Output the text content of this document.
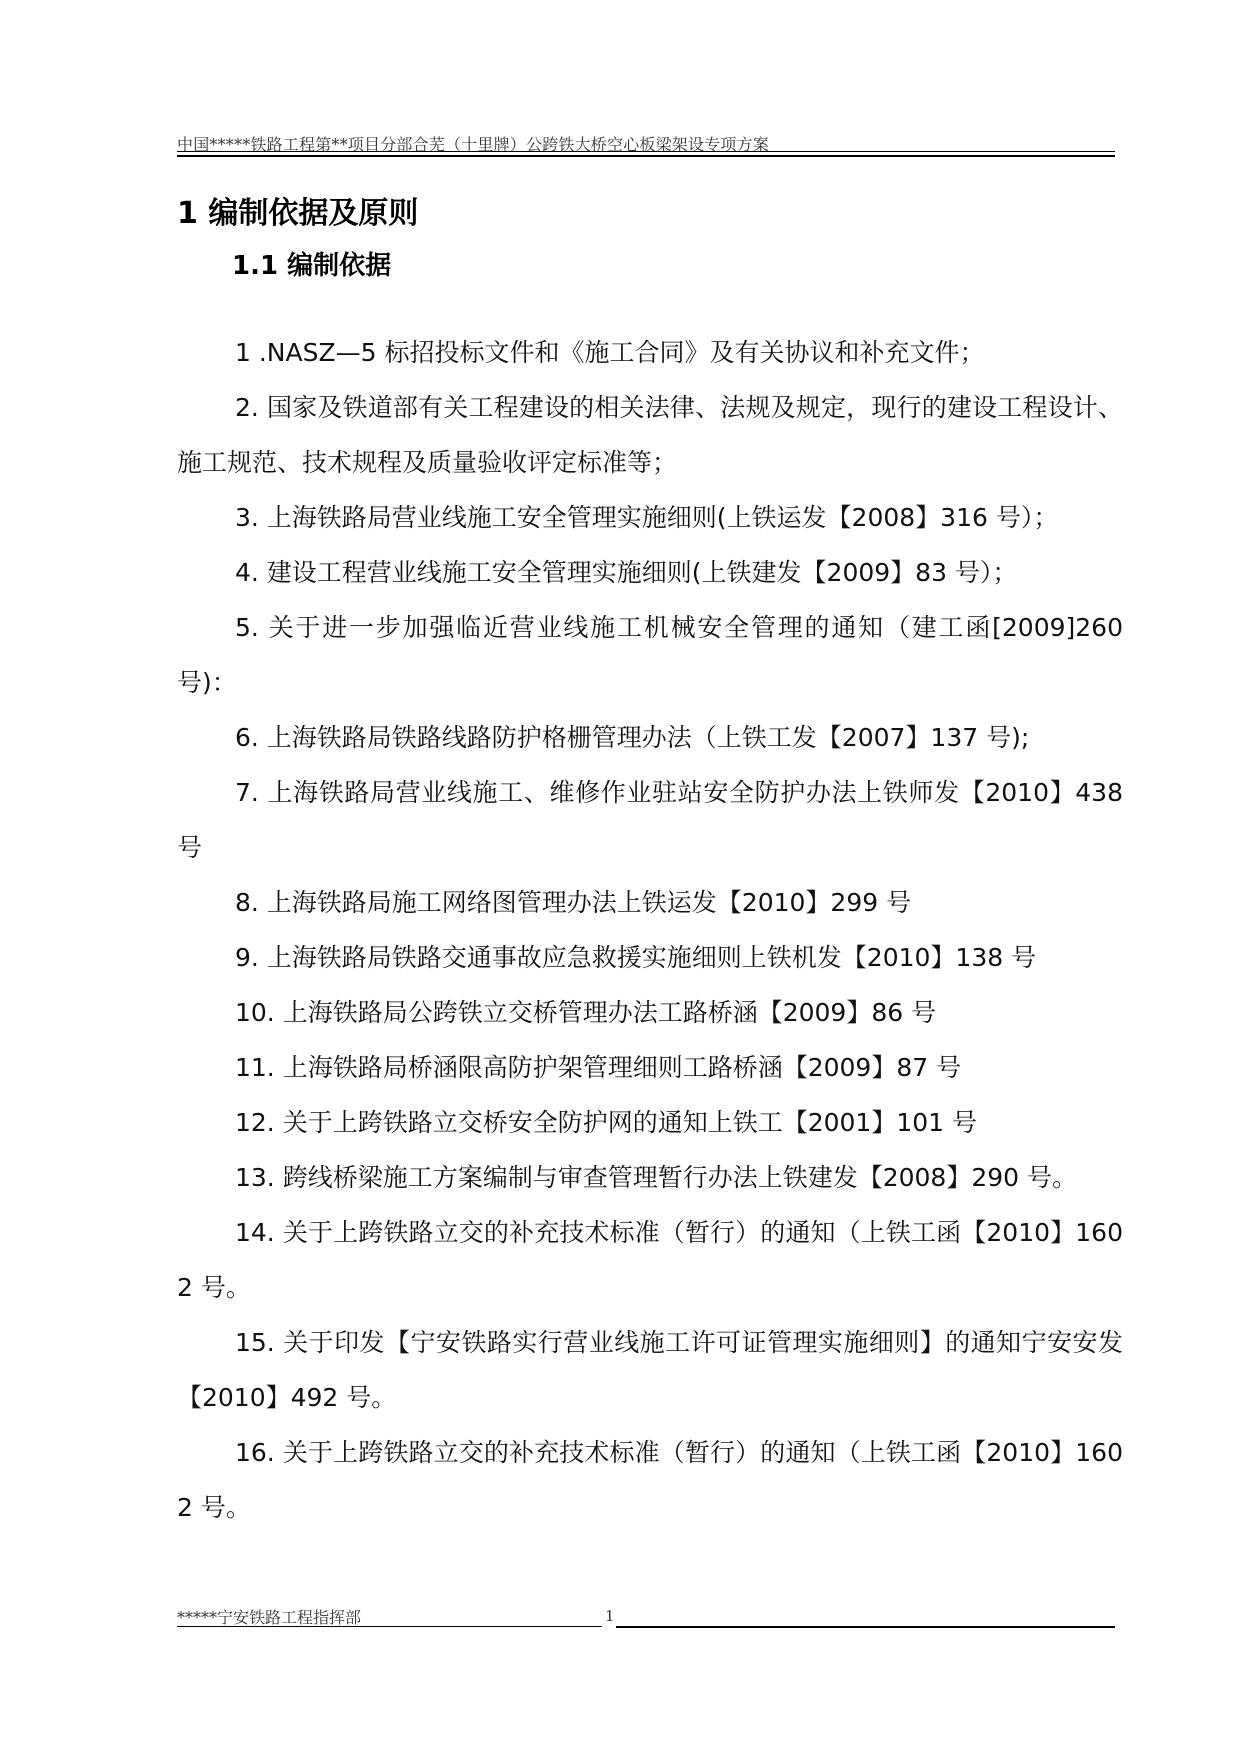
中国*****铁路工程第**项目分部合芜（十里牌）公跨铁大桥空心板梁架设专项方案
1 编制依据及原则
1.1 编制依据

1 .NASZ—5 标招投标文件和《施工合同》及有关协议和补充文件；

2. 国家及铁道部有关工程建设的相关法律、法规及规定，现行的建设工程设计、施工规范、技术规程及质量验收评定标准等；

3. 上海铁路局营业线施工安全管理实施细则(上铁运发【2008】316 号）；

4. 建设工程营业线施工安全管理实施细则(上铁建发【2009】83 号）；

5. 关于进一步加强临近营业线施工机械安全管理的通知（建工函[2009]260 号)：

6. 上海铁路局铁路线路防护格栅管理办法（上铁工发【2007】137 号);

7. 上海铁路局营业线施工、维修作业驻站安全防护办法上铁师发【2010】438 号

8. 上海铁路局施工网络图管理办法上铁运发【2010】299 号

9. 上海铁路局铁路交通事故应急救援实施细则上铁机发【2010】138 号

10. 上海铁路局公跨铁立交桥管理办法工路桥涵【2009】86 号

11. 上海铁路局桥涵限高防护架管理细则工路桥涵【2009】87 号

12. 关于上跨铁路立交桥安全防护网的通知上铁工【2001】101 号

13. 跨线桥梁施工方案编制与审查管理暂行办法上铁建发【2008】290 号。

14. 关于上跨铁路立交的补充技术标准（暂行）的通知（上铁工函【2010】1602 号。

15. 关于印发【宁安铁路实行营业线施工许可证管理实施细则】的通知宁安安发【2010】492 号。

16. 关于上跨铁路立交的补充技术标准（暂行）的通知（上铁工函【2010】1602 号。

*****宁安铁路工程指挥部	1
